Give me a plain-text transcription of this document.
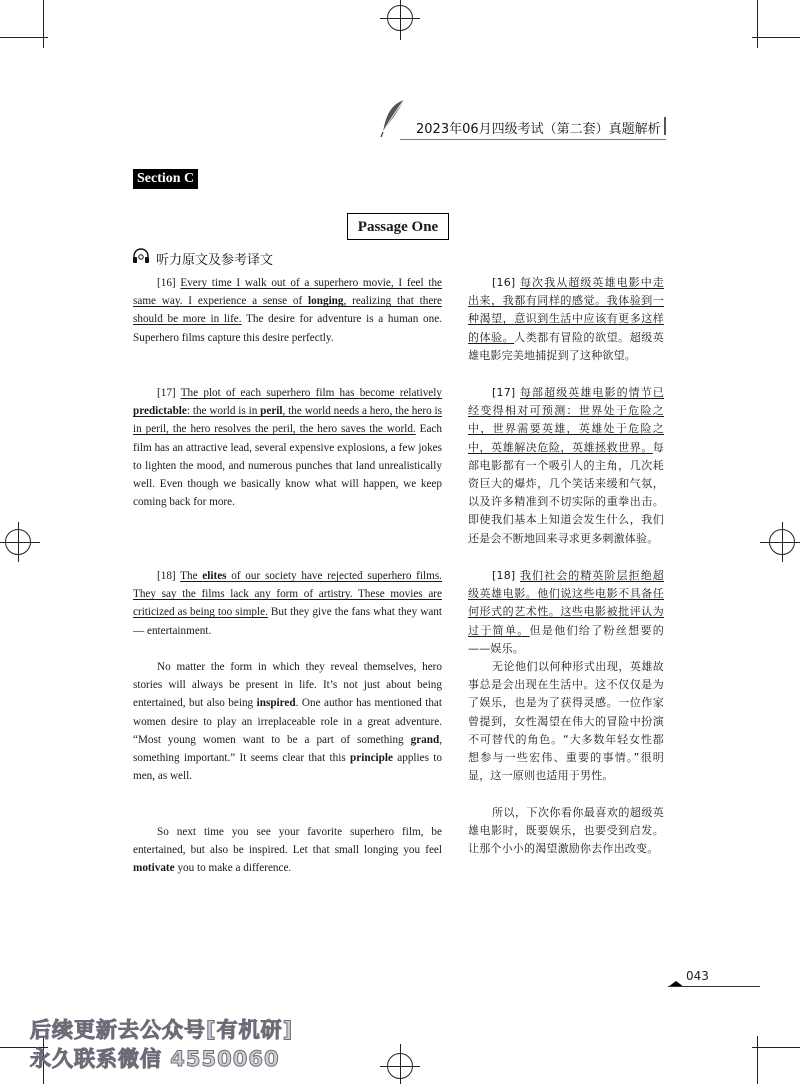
2023年06月四级考试（第二套）真题解析
Section C
Passage One
听力原文及参考译文

[16] Every time I walk out of a superhero movie, I feel the same way. I experience a sense of longing, realizing that there should be more in life. The desire for adventure is a human one. Superhero films capture this desire perfectly.

[17] The plot of each superhero film has become relatively predictable: the world is in peril, the world needs a hero, the hero is in peril, the hero resolves the peril, the hero saves the world. Each film has an attractive lead, several expensive explosions, a few jokes to lighten the mood, and numerous punches that land unrealistically well. Even though we basically know what will happen, we keep coming back for more.

[18] The elites of our society have rejected superhero films. They say the films lack any form of artistry. These movies are criticized as being too simple. But they give the fans what they want — entertainment.

No matter the form in which they reveal themselves, hero stories will always be present in life. It’s not just about being entertained, but also being inspired. One author has mentioned that women desire to play an irreplaceable role in a great adventure. “Most young women want to be a part of something grand, something important.” It seems clear that this principle applies to men, as well.

So next time you see your favorite superhero film, be entertained, but also be inspired. Let that small longing you feel motivate you to make a difference.

[16] 每次我从超级英雄电影中走出来，我都有同样的感觉。我体验到一种渴望，意识到生活中应该有更多这样的体验。人类都有冒险的欲望。超级英雄电影完美地捕捉到了这种欲望。

[17] 每部超级英雄电影的情节已经变得相对可预测：世界处于危险之中，世界需要英雄，英雄处于危险之中，英雄解决危险，英雄拯救世界。每部电影都有一个吸引人的主角，几次耗资巨大的爆炸，几个笑话来缓和气氛，以及许多精准到不切实际的重拳出击。即使我们基本上知道会发生什么，我们还是会不断地回来寻求更多刺激体验。

[18] 我们社会的精英阶层拒绝超级英雄电影。他们说这些电影不具备任何形式的艺术性。这些电影被批评认为过于简单。但是他们给了粉丝想要的——娱乐。

无论他们以何种形式出现，英雄故事总是会出现在生活中。这不仅仅是为了娱乐，也是为了获得灵感。一位作家曾提到，女性渴望在伟大的冒险中扮演不可替代的角色。“大多数年轻女性都想参与一些宏伟、重要的事情。”很明显，这一原则也适用于男性。

所以，下次你看你最喜欢的超级英雄电影时，既要娱乐，也要受到启发。让那个小小的渴望激励你去作出改变。

043
后续更新去公众号[有机研]
永久联系微信 4550060
